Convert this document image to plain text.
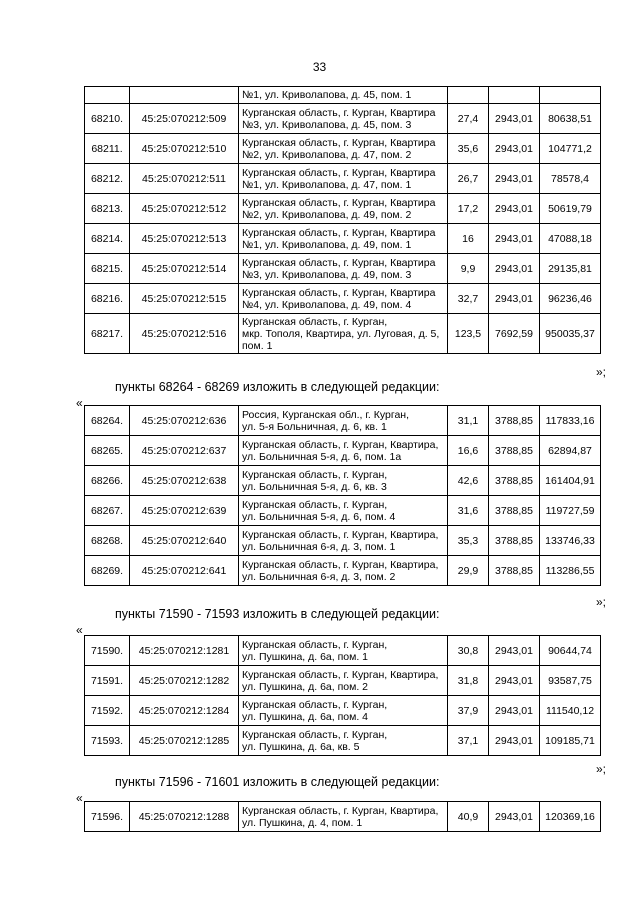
33

		№1, ул. Криволапова, д. 45, пом. 1			

68210.	45:25:070212:509	Курганская область, г. Курган, Квартира
№3, ул. Криволапова, д. 45, пом. 3	27,4	2943,01	80638,51
68211.	45:25:070212:510	Курганская область, г. Курган, Квартира
№2, ул. Криволапова, д. 47, пом. 2	35,6	2943,01	104771,2
68212.	45:25:070212:511	Курганская область, г. Курган, Квартира
№1, ул. Криволапова, д. 47, пом. 1	26,7	2943,01	78578,4
68213.	45:25:070212:512	Курганская область, г. Курган, Квартира
№2, ул. Криволапова, д. 49, пом. 2	17,2	2943,01	50619,79
68214.	45:25:070212:513	Курганская область, г. Курган, Квартира
№1, ул. Криволапова, д. 49, пом. 1	16	2943,01	47088,18
68215.	45:25:070212:514	Курганская область, г. Курган, Квартира
№3, ул. Криволапова, д. 49, пом. 3	9,9	2943,01	29135,81
68216.	45:25:070212:515	Курганская область, г. Курган, Квартира
№4, ул. Криволапова, д. 49, пом. 4	32,7	2943,01	96236,46
68217.	45:25:070212:516	Курганская область, г. Курган,
мкр. Тополя, Квартира, ул. Луговая, д. 5,
пом. 1	123,5	7692,59	950035,37
»;
пункты 68264 - 68269 изложить в следующей редакции:
«
68264.	45:25:070212:636	Россия, Курганская обл., г. Курган,
ул. 5-я Больничная, д. 6, кв. 1	31,1	3788,85	117833,16
68265.	45:25:070212:637	Курганская область, г. Курган, Квартира,
ул. Больничная 5-я, д. 6, пом. 1а	16,6	3788,85	62894,87
68266.	45:25:070212:638	Курганская область, г. Курган,
ул. Больничная 5-я, д. 6, кв. 3	42,6	3788,85	161404,91
68267.	45:25:070212:639	Курганская область, г. Курган,
ул. Больничная 5-я, д. 6, пом. 4	31,6	3788,85	119727,59
68268.	45:25:070212:640	Курганская область, г. Курган, Квартира,
ул. Больничная 6-я, д. 3, пом. 1	35,3	3788,85	133746,33
68269.	45:25:070212:641	Курганская область, г. Курган, Квартира,
ул. Больничная 6-я, д. 3, пом. 2	29,9	3788,85	113286,55
»;
пункты 71590 - 71593 изложить в следующей редакции:
«
71590.	45:25:070212:1281	Курганская область, г. Курган,
ул. Пушкина, д. 6а, пом. 1	30,8	2943,01	90644,74
71591.	45:25:070212:1282	Курганская область, г. Курган, Квартира,
ул. Пушкина, д. 6а, пом. 2	31,8	2943,01	93587,75
71592.	45:25:070212:1284	Курганская область, г. Курган,
ул. Пушкина, д. 6а, пом. 4	37,9	2943,01	111540,12
71593.	45:25:070212:1285	Курганская область, г. Курган,
ул. Пушкина, д. 6а, кв. 5	37,1	2943,01	109185,71
»;
пункты 71596 - 71601 изложить в следующей редакции:
«
71596.	45:25:070212:1288	Курганская область, г. Курган, Квартира,
ул. Пушкина, д. 4, пом. 1	40,9	2943,01	120369,16
